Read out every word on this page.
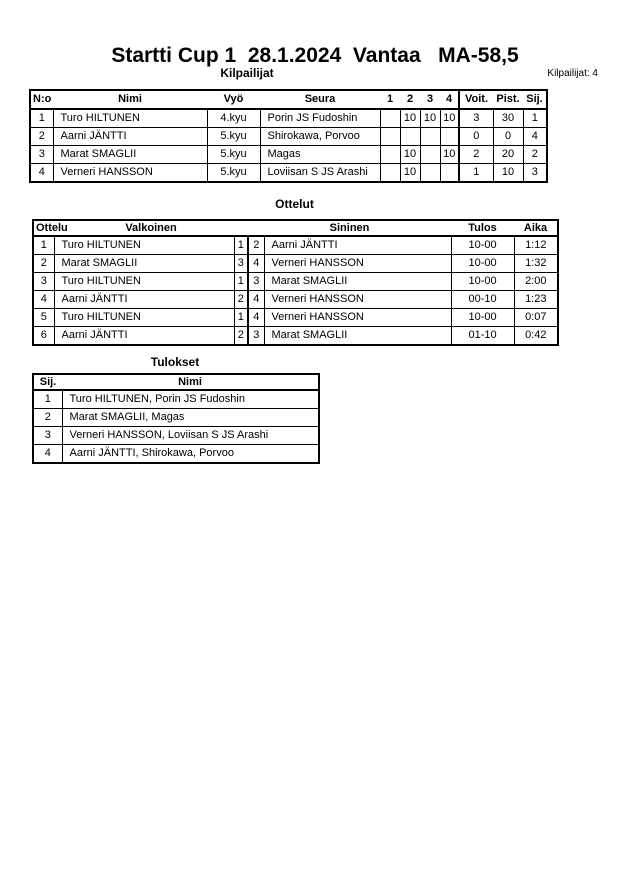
Startti Cup 1  28.1.2024  Vantaa   MA-58,5
Kilpailijat	Kilpailijat: 4
N:o	Nimi	Vyö	Seura	1	2	3	4	Voit.	Pist.	Sij.
1	Turo HILTUNEN	4.kyu	Porin JS Fudoshin		10	10	10	3	30	1
2	Aarni JÄNTTI	5.kyu	Shirokawa, Porvoo					0	0	4
3	Marat SMAGLII	5.kyu	Magas		10		10	2	20	2
4	Verneri HANSSON	5.kyu	Loviisan S JS Arashi		10			1	10	3
Ottelut
Ottelu	Valkoinen		Sininen		Tulos	Aika
1	Turo HILTUNEN	1	2	Aarni JÄNTTI	10-00	1:12
2	Marat SMAGLII	3	4	Verneri HANSSON	10-00	1:32
3	Turo HILTUNEN	1	3	Marat SMAGLII	10-00	2:00
4	Aarni JÄNTTI	2	4	Verneri HANSSON	00-10	1:23
5	Turo HILTUNEN	1	4	Verneri HANSSON	10-00	0:07
6	Aarni JÄNTTI	2	3	Marat SMAGLII	01-10	0:42
Tulokset
Sij.	Nimi
1	Turo HILTUNEN, Porin JS Fudoshin
2	Marat SMAGLII, Magas
3	Verneri HANSSON, Loviisan S JS Arashi
4	Aarni JÄNTTI, Shirokawa, Porvoo
